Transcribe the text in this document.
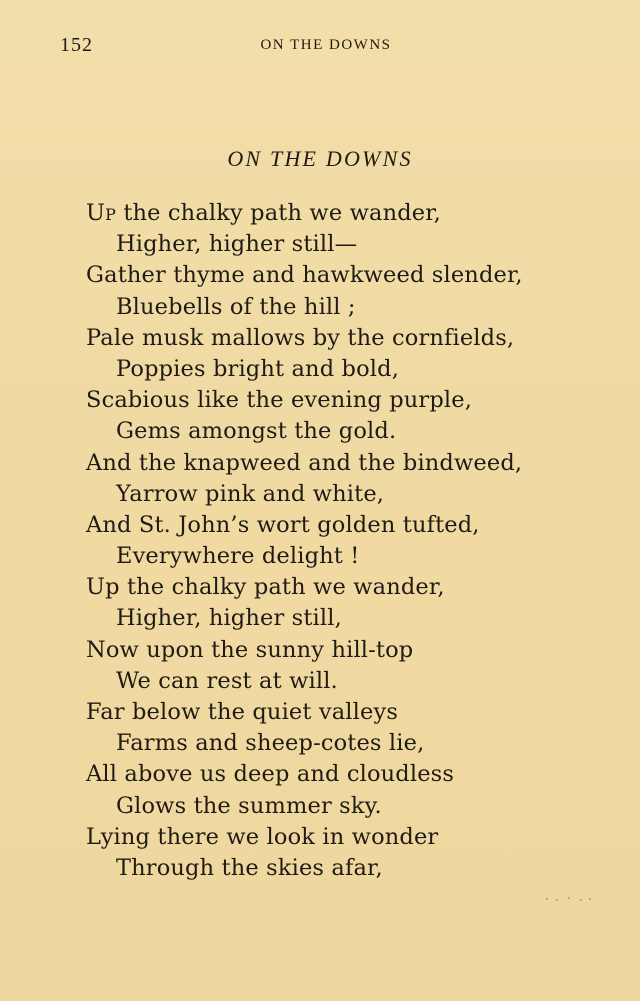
152	ON THE DOWNS
ON THE DOWNS
Up the chalky path we wander,
Higher, higher still—
Gather thyme and hawkweed slender,
Bluebells of the hill ;
Pale musk mallows by the cornfields,
Poppies bright and bold,
Scabious like the evening purple,
Gems amongst the gold.
And the knapweed and the bindweed,
Yarrow pink and white,
And St. John’s wort golden tufted,
Everywhere delight !
Up the chalky path we wander,
Higher, higher still,
Now upon the sunny hill-top
We can rest at will.
Far below the quiet valleys
Farms and sheep-cotes lie,
All above us deep and cloudless
Glows the summer sky.
Lying there we look in wonder
Through the skies afar,
